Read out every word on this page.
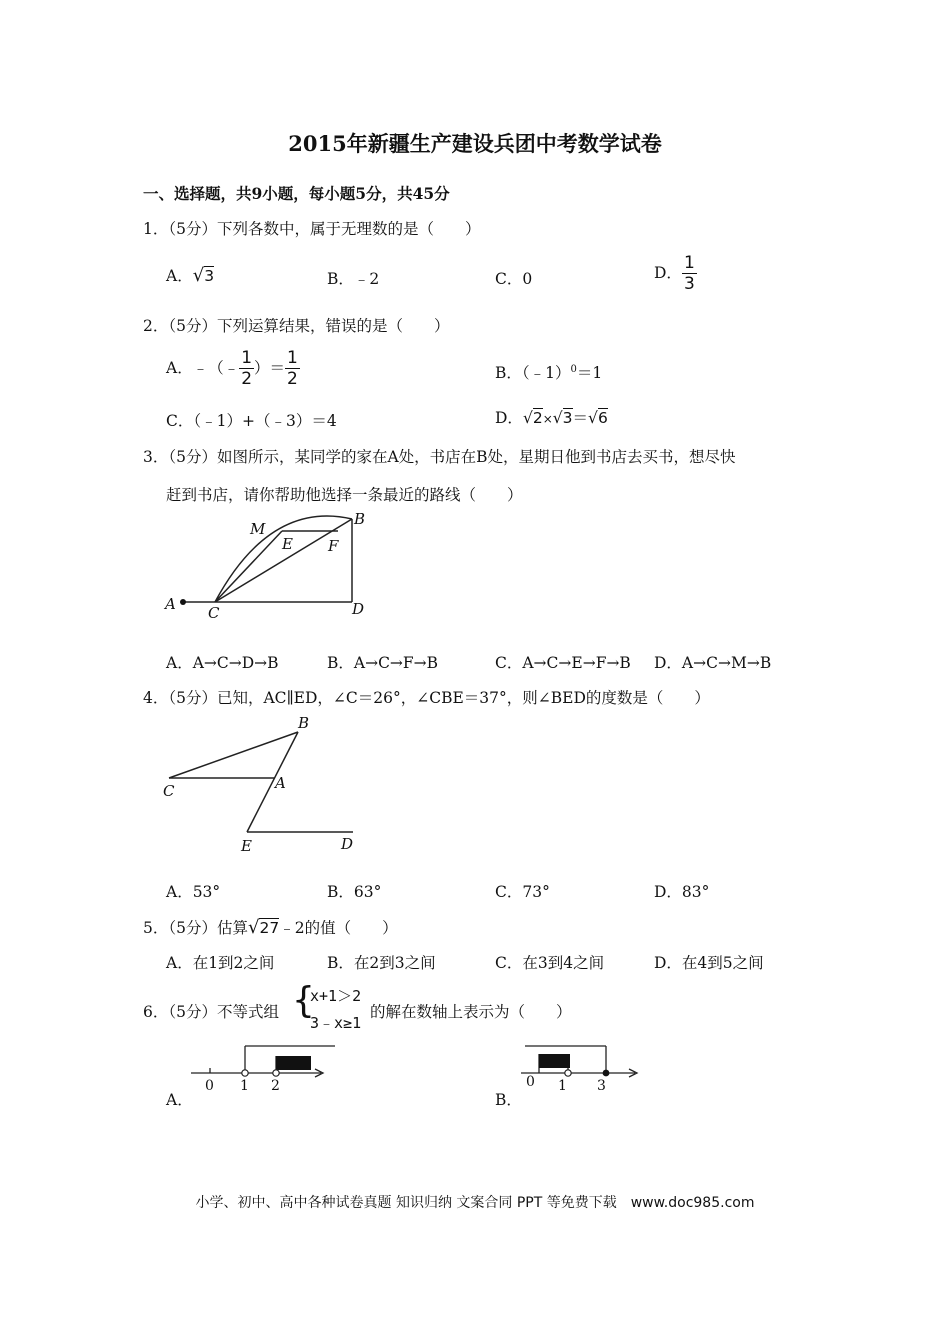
2015年新疆生产建设兵团中考数学试卷
一、选择题，共9小题，每小题5分，共45分
1．（5分）下列各数中，属于无理数的是（　　）
A．√3	B．﹣2	C．0	D． $\frac{1}{3}$
2．（5分）下列运算结果，错误的是（　　）
A．﹣（﹣ $\frac{1}{2}$ ）＝ $\frac{1}{2}$	B．（﹣1）$^0$＝1
C．（﹣1）+（﹣3）＝4	D．√2×√3＝√6
3．（5分）如图所示，某同学的家在A处，书店在B处，星期日他到书店去买书，想尽快
赶到书店，请你帮助他选择一条最近的路线（　　）
A
B
C	D
E F
M
A．A→C→D→B	B．A→C→F→B	C．A→C→E→F→B D．A→C→M→B
4．（5分）已知，AC∥ED，∠C＝26°，∠CBE＝37°，则∠BED的度数是（　　）
B
C	A
E	D
A．53°	B．63°	C．73°	D．83°
5．（5分）估算√27﹣2的值（　　）
A．在1到2之间	B．在2到3之间	C．在3到4之间	D．在4到5之间
6．（5分）不等式组 {
x+1＞2
3﹣x≥1
的解在数轴上表示为（　　）
0 1 2
A．
0 1 3
B．
小学、初中、高中各种试卷真题 知识归纳 文案合同 PPT 等免费下载　www.doc985.com
